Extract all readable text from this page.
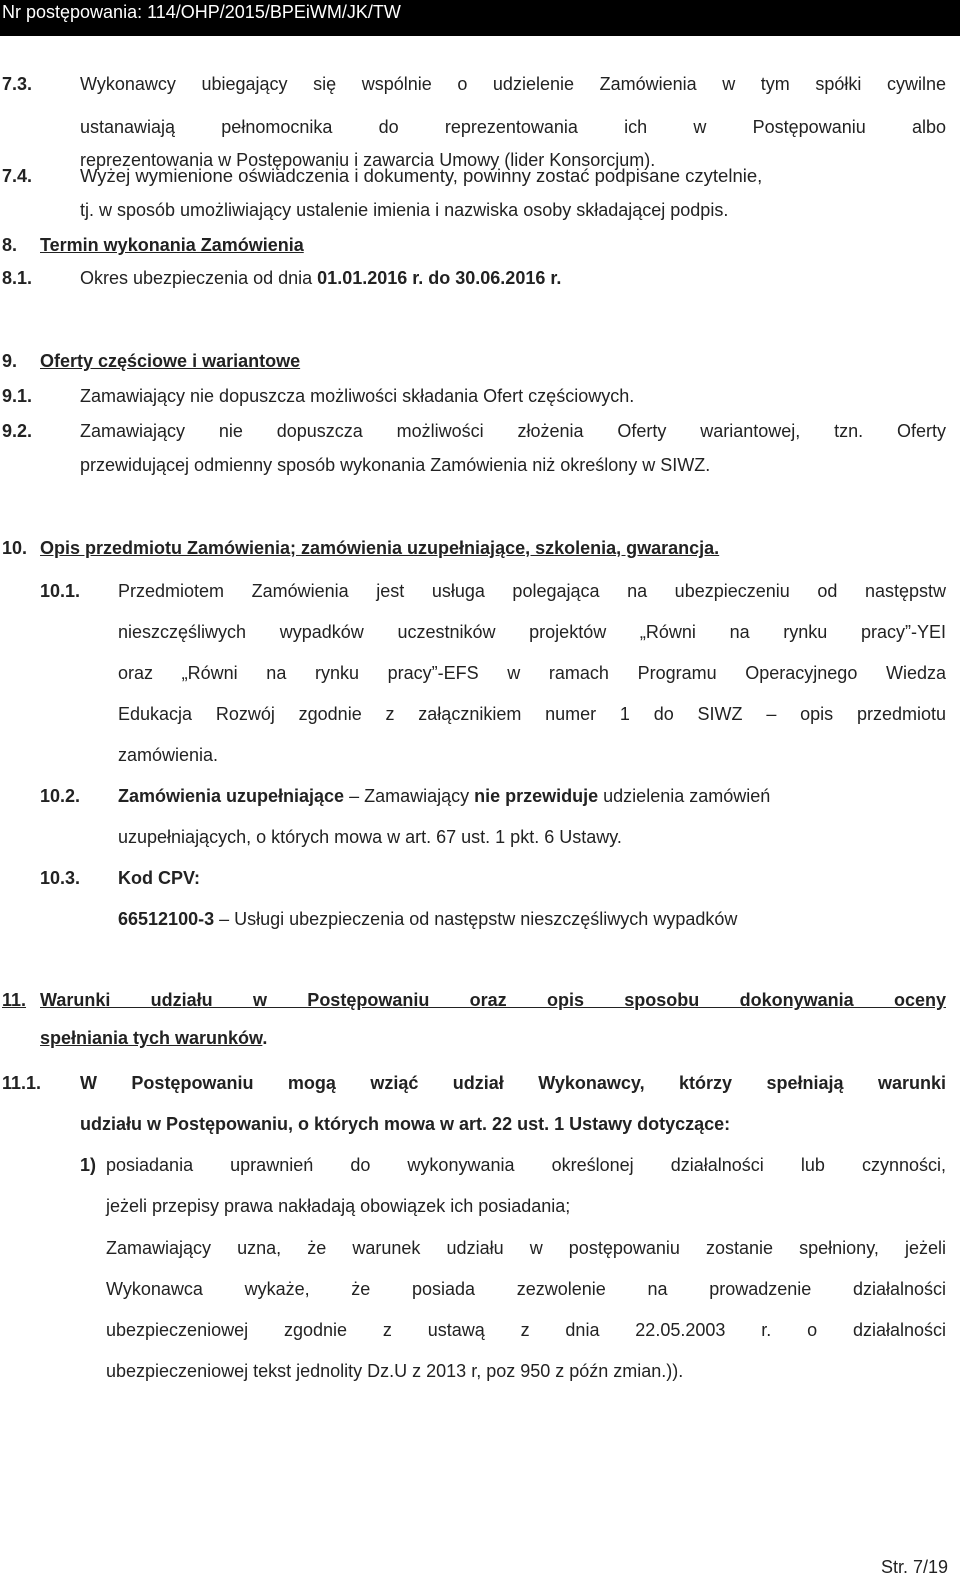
Nr postępowania: 114/OHP/2015/BPEiWM/JK/TW
7.3.	Wykonawcy ubiegający się wspólnie o udzielenie Zamówienia w tym spółki cywilne
ustanawiają pełnomocnika do reprezentowania ich w Postępowaniu albo
reprezentowania w Postępowaniu i zawarcia Umowy (lider Konsorcjum).
7.4.	Wyżej wymienione oświadczenia i dokumenty, powinny zostać podpisane czytelnie,
tj. w sposób umożliwiający ustalenie imienia i nazwiska osoby składającej podpis.
8. Termin wykonania Zamówienia
8.1.	Okres ubezpieczenia od dnia 01.01.2016 r. do 30.06.2016 r.
9. Oferty częściowe i wariantowe
9.1.	Zamawiający nie dopuszcza możliwości składania Ofert częściowych.
9.2.	Zamawiający nie dopuszcza możliwości złożenia Oferty wariantowej, tzn. Oferty
przewidującej odmienny sposób wykonania Zamówienia niż określony w SIWZ.
10. Opis przedmiotu Zamówienia; zamówienia uzupełniające, szkolenia, gwarancja.
10.1. Przedmiotem Zamówienia jest usługa polegająca na ubezpieczeniu od następstw
nieszczęśliwych wypadków uczestników projektów „Równi na rynku pracy”-YEI
oraz „Równi na rynku pracy”-EFS w ramach Programu Operacyjnego Wiedza
Edukacja Rozwój zgodnie z załącznikiem numer 1 do SIWZ – opis przedmiotu
zamówienia.
10.2. Zamówienia uzupełniające – Zamawiający nie przewiduje udzielenia zamówień
uzupełniających, o których mowa w art. 67 ust. 1 pkt. 6 Ustawy.
10.3. Kod CPV:
66512100-3 – Usługi ubezpieczenia od następstw nieszczęśliwych wypadków
11. Warunki udziału w Postępowaniu oraz opis sposobu dokonywania oceny
spełniania tych warunków.
11.1. W Postępowaniu mogą wziąć udział Wykonawcy, którzy spełniają warunki
udziału w Postępowaniu, o których mowa w art. 22 ust. 1 Ustawy dotyczące:
1) posiadania uprawnień do wykonywania określonej działalności lub czynności,
jeżeli przepisy prawa nakładają obowiązek ich posiadania;
Zamawiający uzna, że warunek udziału w postępowaniu zostanie spełniony, jeżeli
Wykonawca wykaże, że posiada zezwolenie na prowadzenie działalności
ubezpieczeniowej zgodnie z ustawą z dnia 22.05.2003 r. o działalności
ubezpieczeniowej tekst jednolity Dz.U z 2013 r, poz 950 z późn zmian.)).
Str. 7/19
